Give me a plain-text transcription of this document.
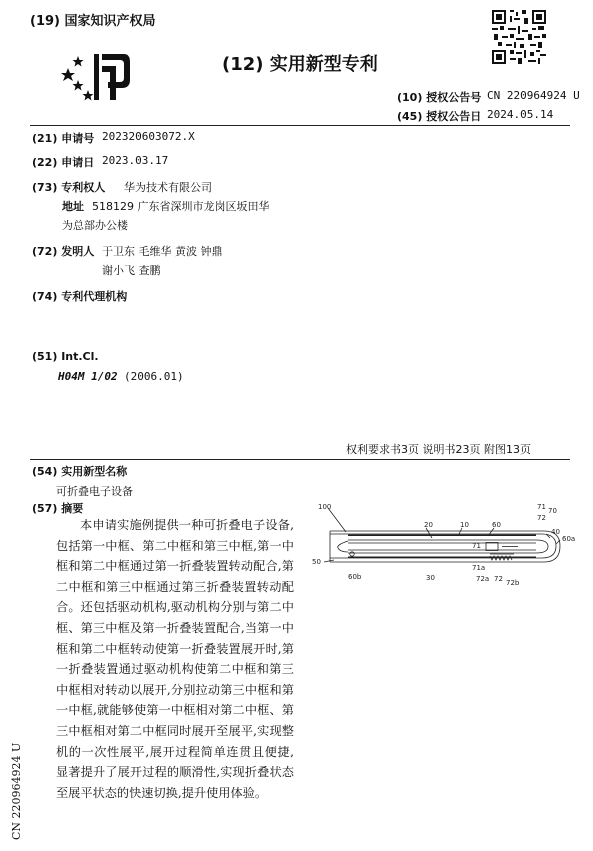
(19) 国家知识产权局
(12) 实用新型专利
(10) 授权公告号 CN 220964924 U
(45) 授权公告日 2024.05.14
(21) 申请号 202320603072.X
(22) 申请日 2023.03.17
(73) 专利权人 华为技术有限公司
地址 518129 广东省深圳市龙岗区坂田华
为总部办公楼
(72) 发明人 于卫东 毛维华 黄波 钟鼎
谢小飞 查鹏
(74) 专利代理机构
(51) Int.Cl.
H04M 1/02 (2006.01)
权利要求书3页 说明书23页 附图13页
(54) 实用新型名称
可折叠电子设备
(57) 摘要
本申请实施例提供一种可折叠电子设备,包括第一中框、第二中框和第三中框,第一中框和第二中框通过第一折叠装置转动配合,第二中框和第三中框通过第三折叠装置转动配合。还包括驱动机构,驱动机构分别与第二中框、第三中框及第一折叠装置配合,当第一中框和第二中框转动使第一折叠装置展开时,第一折叠装置通过驱动机构使第二中框和第三中框相对转动以展开,分别拉动第三中框和第一中框,就能够使第一中框相对第二中框、第三中框相对第二中框同时展开至展平,实现整机的一次性展平,展开过程简单连贯且便捷,显著提升了展开过程的顺滑性,实现折叠状态至展平状态的快速切换,提升使用体验。
100
20	10	60
71 70
72
40
60a
50
60b	30
71
71a
72a 72 72b
CN 220964924 U
